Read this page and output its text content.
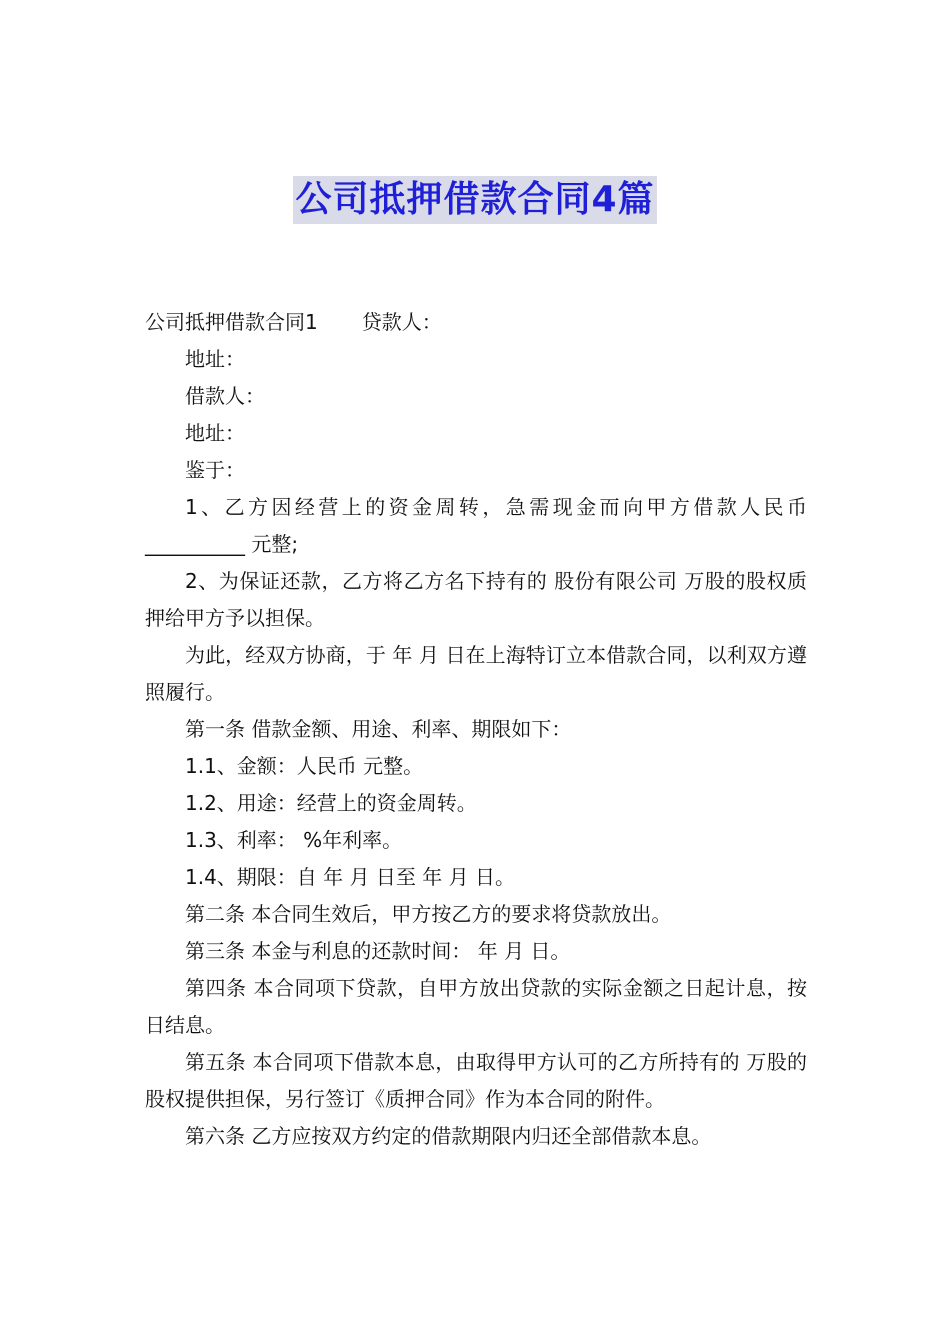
公司抵押借款合同4篇

公司抵押借款合同1 贷款人：

地址：

借款人：

地址：

鉴于：

1、乙方因经营上的资金周转，急需现金而向甲方借款人民币__________ 元整;

2、为保证还款，乙方将乙方名下持有的 股份有限公司 万股的股权质押给甲方予以担保。

为此，经双方协商，于 年 月 日在上海特订立本借款合同，以利双方遵照履行。

第一条 借款金额、用途、利率、期限如下：

1.1、金额：人民币 元整。

1.2、用途：经营上的资金周转。

1.3、利率： %年利率。

1.4、期限：自 年 月 日至 年 月 日。

第二条 本合同生效后，甲方按乙方的要求将贷款放出。

第三条 本金与利息的还款时间： 年 月 日。

第四条 本合同项下贷款，自甲方放出贷款的实际金额之日起计息，按日结息。

第五条 本合同项下借款本息，由取得甲方认可的乙方所持有的 万股的股权提供担保，另行签订《质押合同》作为本合同的附件。

第六条 乙方应按双方约定的借款期限内归还全部借款本息。
